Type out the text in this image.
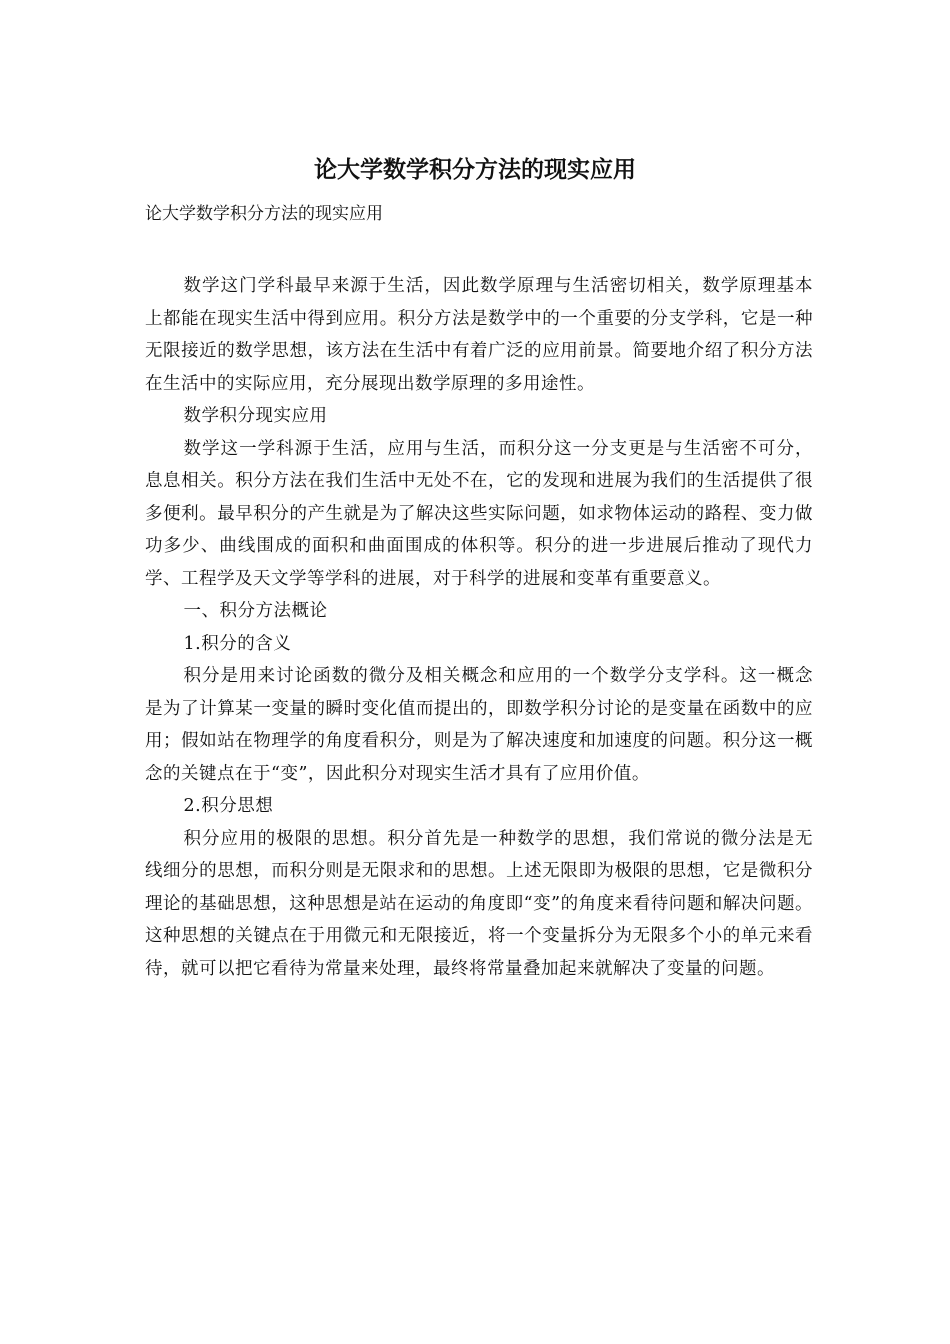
论大学数学积分方法的现实应用
论大学数学积分方法的现实应用

数学这门学科最早来源于生活，因此数学原理与生活密切相关，数学原理基本上都能在现实生活中得到应用。积分方法是数学中的一个重要的分支学科，它是一种无限接近的数学思想，该方法在生活中有着广泛的应用前景。简要地介绍了积分方法在生活中的实际应用，充分展现出数学原理的多用途性。

数学积分现实应用

数学这一学科源于生活，应用与生活，而积分这一分支更是与生活密不可分，息息相关。积分方法在我们生活中无处不在，它的发现和进展为我们的生活提供了很多便利。最早积分的产生就是为了解决这些实际问题，如求物体运动的路程、变力做功多少、曲线围成的面积和曲面围成的体积等。积分的进一步进展后推动了现代力学、工程学及天文学等学科的进展，对于科学的进展和变革有重要意义。

一、积分方法概论

1.积分的含义

积分是用来讨论函数的微分及相关概念和应用的一个数学分支学科。这一概念是为了计算某一变量的瞬时变化值而提出的，即数学积分讨论的是变量在函数中的应用；假如站在物理学的角度看积分，则是为了解决速度和加速度的问题。积分这一概念的关键点在于“变”，因此积分对现实生活才具有了应用价值。

2.积分思想

积分应用的极限的思想。积分首先是一种数学的思想，我们常说的微分法是无线细分的思想，而积分则是无限求和的思想。上述无限即为极限的思想，它是微积分理论的基础思想，这种思想是站在运动的角度即“变”的角度来看待问题和解决问题。这种思想的关键点在于用微元和无限接近，将一个变量拆分为无限多个小的单元来看待，就可以把它看待为常量来处理，最终将常量叠加起来就解决了变量的问题。
